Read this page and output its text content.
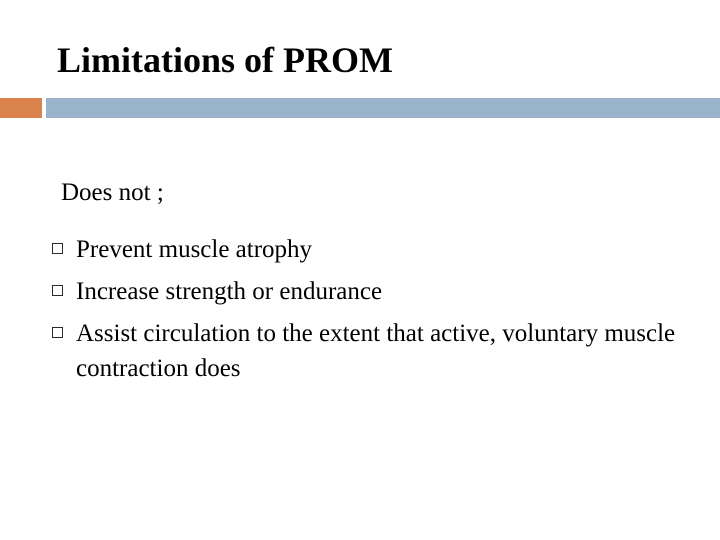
Limitations of PROM
Does not ;
Prevent muscle atrophy
Increase strength or endurance
Assist circulation to the extent that active, voluntary muscle contraction does
